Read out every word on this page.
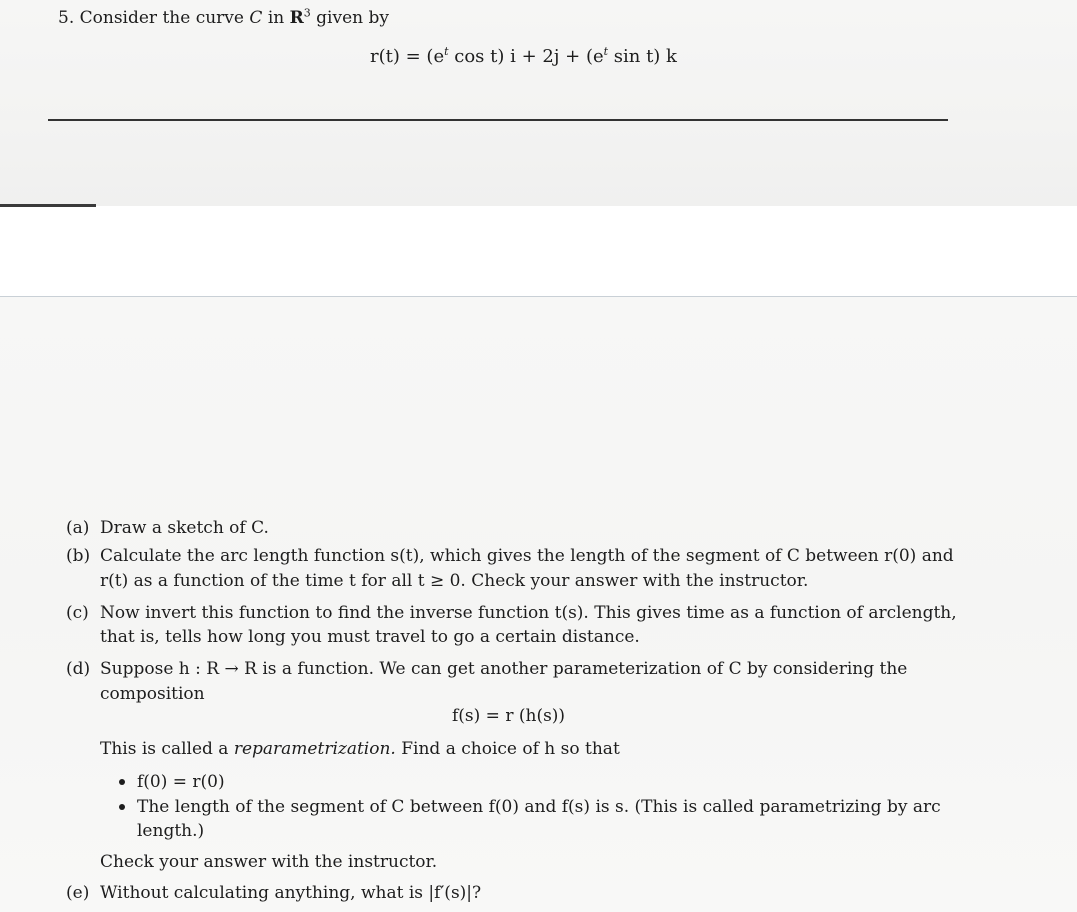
5. Consider the curve C in $R^3$ given by
$r(t) = (e^t$ cos t) $i + 2j + (e^t$ sin t) k
(a) Draw a sketch of C.
(b) Calculate the arc length function s(t), which gives the length of the segment of C between r(0) and
r(t) as a function of the time t for all t ≥ 0. Check your answer with the instructor.
(c) Now invert this function to find the inverse function t(s). This gives time as a function of arclength,
that is, tells how long you must travel to go a certain distance.
(d) Suppose h : R → R is a function. We can get another parameterization of C by considering the
composition
f(s) = r (h(s))
This is called a reparametrization. Find a choice of h so that
f(0) = r(0)
The length of the segment of C between f(0) and f(s) is s. (This is called parametrizing by arc
length.)
Check your answer with the instructor.
(e) Without calculating anything, what is |f′(s)|?
